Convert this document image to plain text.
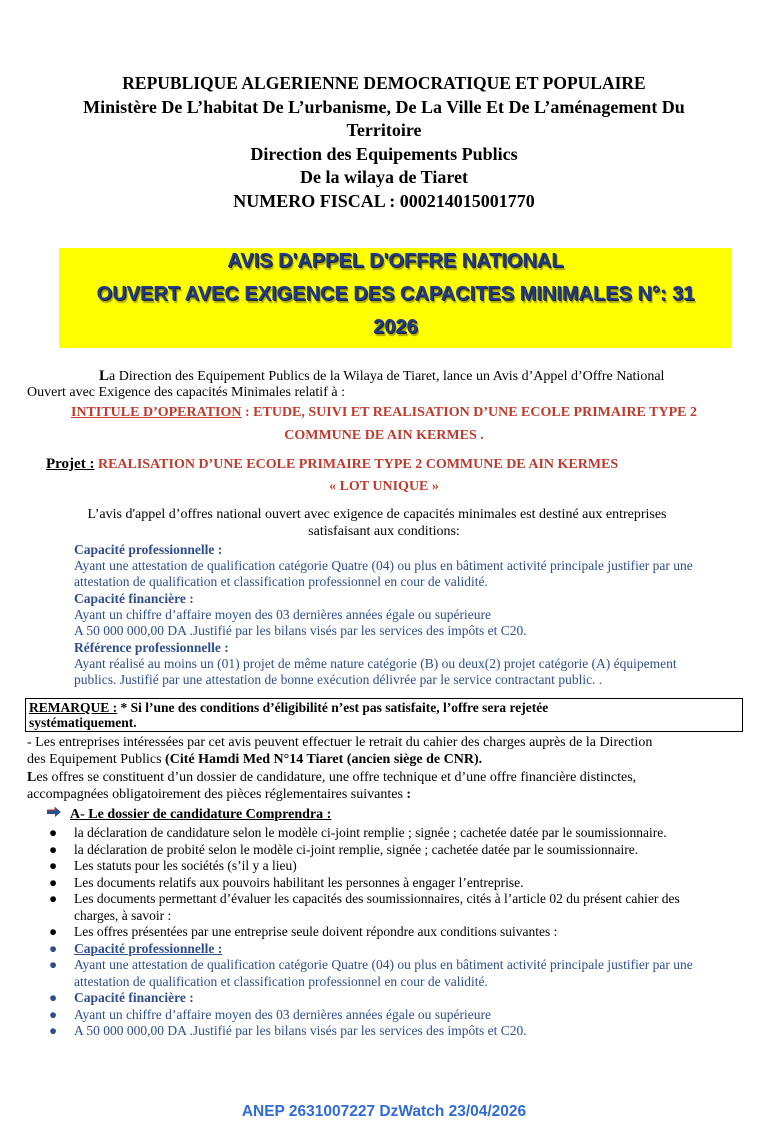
REPUBLIQUE ALGERIENNE DEMOCRATIQUE ET POPULAIRE
Ministère De L’habitat De L’urbanisme, De La Ville Et De L’aménagement Du
Territoire
Direction des Equipements Publics
De la wilaya de Tiaret
NUMERO FISCAL : 000214015001770
AVIS D'APPEL D'OFFRE NATIONAL
OUVERT AVEC EXIGENCE DES CAPACITES MINIMALES N°: 31
2026
La Direction des Equipement Publics de la Wilaya de Tiaret, lance un Avis d’Appel d’Offre National
Ouvert avec Exigence des capacités Minimales relatif à :
INTITULE D’OPERATION : ETUDE, SUIVI ET REALISATION D’UNE ECOLE PRIMAIRE TYPE 2
COMMUNE DE AIN KERMES .
Projet : REALISATION D’UNE ECOLE PRIMAIRE TYPE 2 COMMUNE DE AIN KERMES
« LOT UNIQUE »
L’avis d'appel d’offres national ouvert avec exigence de capacités minimales est destiné aux entreprises
satisfaisant aux conditions:
Capacité professionnelle :
Ayant une attestation de qualification catégorie Quatre (04) ou plus en bâtiment activité principale justifier par une
attestation de qualification et classification professionnel en cour de validité.
Capacité financière :
Ayant un chiffre d’affaire moyen des 03 dernières années égale ou supérieure
A 50 000 000,00 DA .Justifié par les bilans visés par les services des impôts et C20.
Référence professionnelle :
Ayant réalisé au moins un (01) projet de même nature catégorie (B) ou deux(2) projet catégorie (A) équipement
publics. Justifié par une attestation de bonne exécution délivrée par le service contractant public. .
REMARQUE : * Si l’une des conditions d’éligibilité n’est pas satisfaite, l’offre sera rejetée
systématiquement.
- Les entreprises intéressées par cet avis peuvent effectuer le retrait du cahier des charges auprès de la Direction
des Equipement Publics (Cité Hamdi Med N°14 Tiaret (ancien siège de CNR).
Les offres se constituent d’un dossier de candidature, une offre technique et d’une offre financière distinctes,
accompagnées obligatoirement des pièces réglementaires suivantes :
A- Le dossier de candidature Comprendra :
● la déclaration de candidature selon le modèle ci-joint remplie ; signée ; cachetée datée par le soumissionnaire.
● la déclaration de probité selon le modèle ci-joint remplie, signée ; cachetée datée par le soumissionnaire.
● Les statuts pour les sociétés (s’il y a lieu)
● Les documents relatifs aux pouvoirs habilitant les personnes à engager l’entreprise.
● Les documents permettant d’évaluer les capacités des soumissionnaires, cités à l’article 02 du présent cahier des
charges, à savoir :
● Les offres présentées par une entreprise seule doivent répondre aux conditions suivantes :
● Capacité professionnelle :
● Ayant une attestation de qualification catégorie Quatre (04) ou plus en bâtiment activité principale justifier par une
attestation de qualification et classification professionnel en cour de validité.
● Capacité financière :
● Ayant un chiffre d’affaire moyen des 03 dernières années égale ou supérieure
● A 50 000 000,00 DA .Justifié par les bilans visés par les services des impôts et C20.
ANEP 2631007227 DzWatch 23/04/2026
